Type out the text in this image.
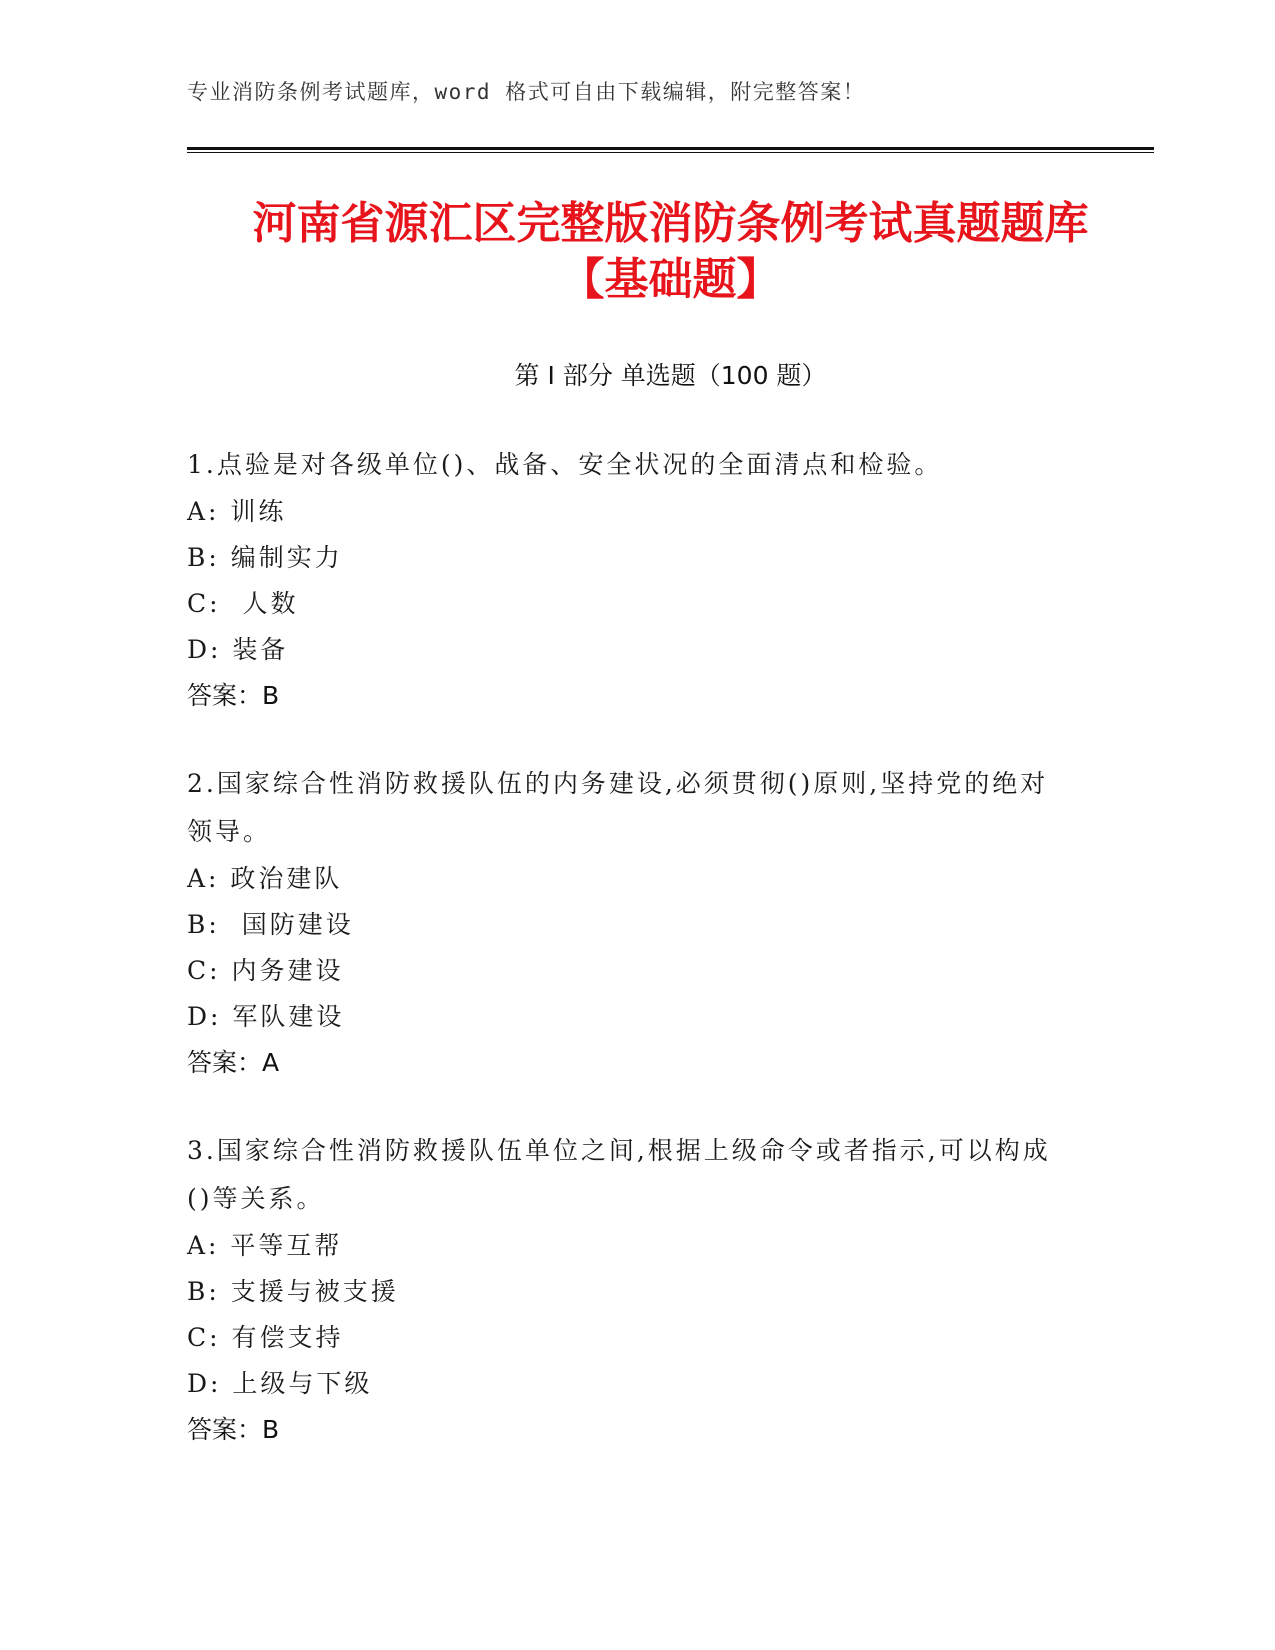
专业消防条例考试题库，word 格式可自由下载编辑，附完整答案！
河南省源汇区完整版消防条例考试真题题库
【基础题】
第 I 部分 单选题（100 题）
1.点验是对各级单位()、战备、安全状况的全面清点和检验。
A: 训练
B: 编制实力
C:  人数
D: 装备
答案：B
2.国家综合性消防救援队伍的内务建设,必须贯彻()原则,坚持党的绝对领导。
A: 政治建队
B:  国防建设
C: 内务建设
D: 军队建设
答案：A
3.国家综合性消防救援队伍单位之间,根据上级命令或者指示,可以构成()等关系。
A: 平等互帮
B: 支援与被支援
C: 有偿支持
D: 上级与下级
答案：B
